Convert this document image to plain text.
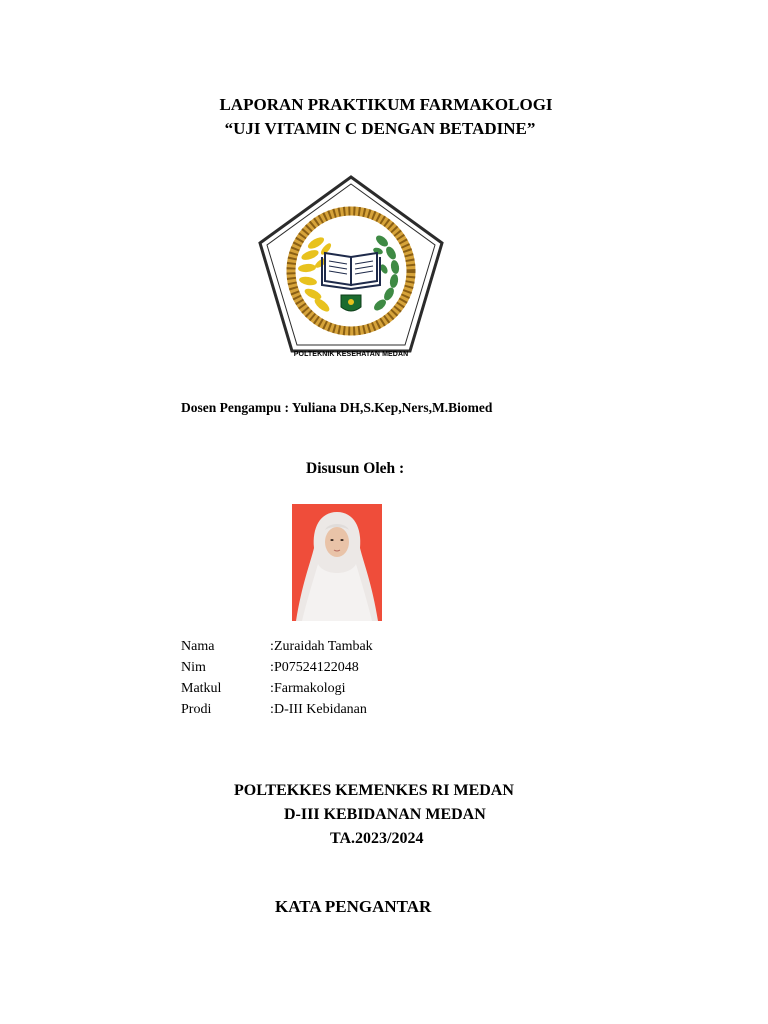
LAPORAN PRAKTIKUM FARMAKOLOGI
“UJI VITAMIN C DENGAN BETADINE”
POLTEKNIK KESEHATAN MEDAN
Dosen Pengampu : Yuliana DH,S.Kep,Ners,M.Biomed
Disusun Oleh :
Nama	: Zuraidah Tambak
Nim	: P07524122048
Matkul	: Farmakologi
Prodi	: D-III Kebidanan
POLTEKKES KEMENKES RI MEDAN
D-III KEBIDANAN MEDAN
TA.2023/2024
KATA PENGANTAR
